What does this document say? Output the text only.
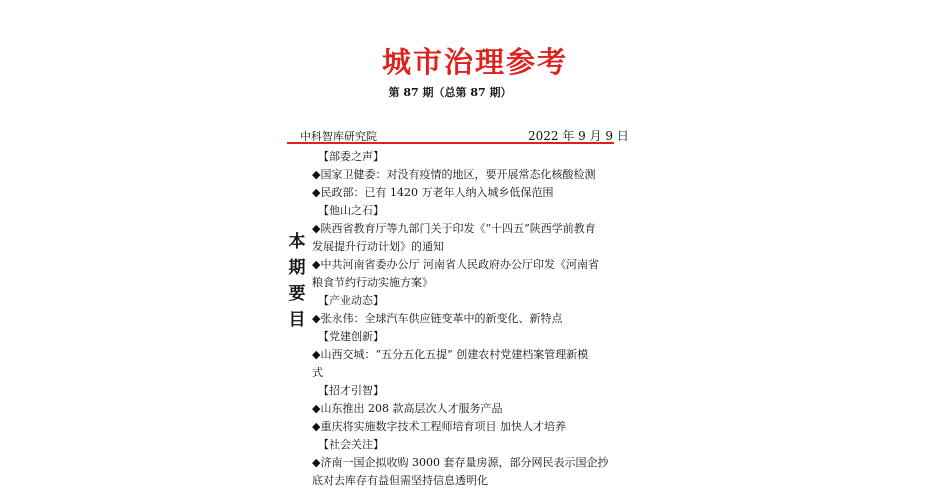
城市治理参考
第 87 期（总第 87 期）
中科智库研究院	2022 年 9 月 9 日
本
期
要
目
【部委之声】
◆国家卫健委：对没有疫情的地区，要开展常态化核酸检测
◆民政部：已有 1420 万老年人纳入城乡低保范围
【他山之石】
◆陕西省教育厅等九部门关于印发《“十四五”陕西学前教育
发展提升行动计划》的通知
◆中共河南省委办公厅 河南省人民政府办公厅印发《河南省
粮食节约行动实施方案》
【产业动态】
◆张永伟：全球汽车供应链变革中的新变化、新特点
【党建创新】
◆山西交城：“五分五化五提” 创建农村党建档案管理新模
式
【招才引智】
◆山东推出 208 款高层次人才服务产品
◆重庆将实施数字技术工程师培育项目 加快人才培养
【社会关注】
◆济南一国企拟收购 3000 套存量房源，部分网民表示国企抄
底对去库存有益但需坚持信息透明化
